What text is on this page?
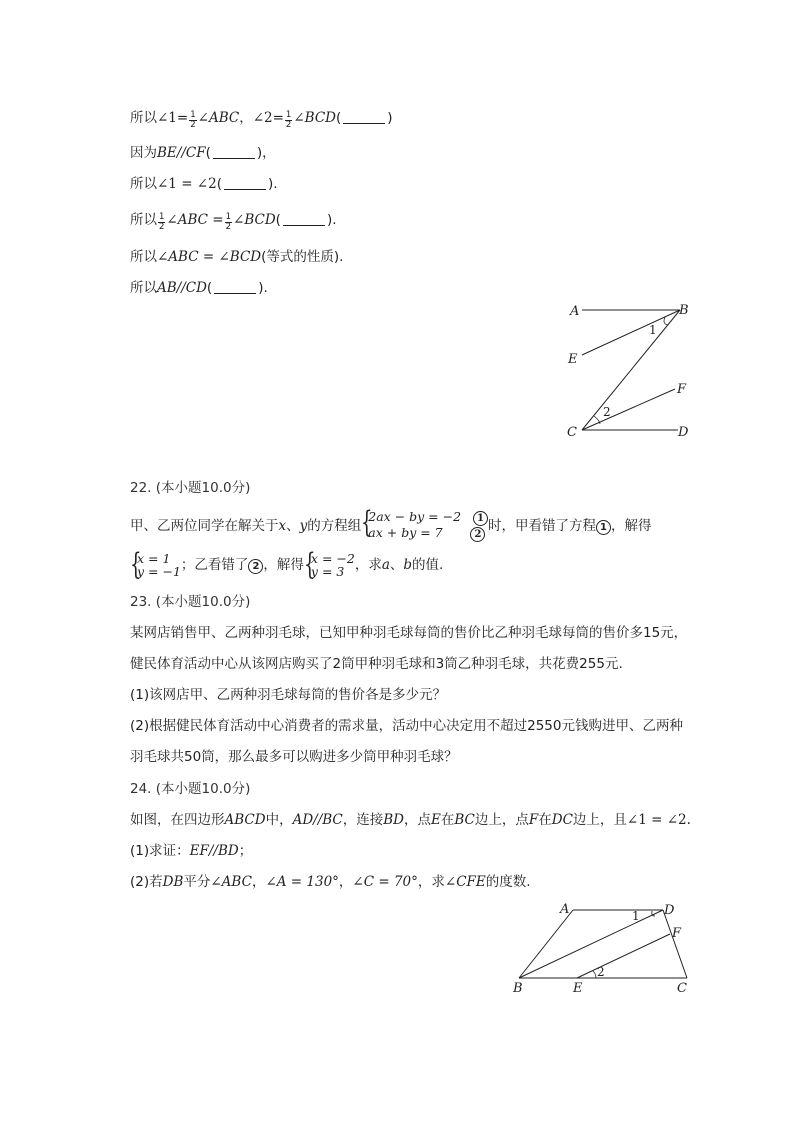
所以∠1= $\frac{1}{2}$ ∠ABC，∠2= $\frac{1}{2}$ ∠BCD(	)
因为BE//CF(	)，
所以∠1 = ∠2(	).
所以 $\frac{1}{2}$ ∠ABC = $\frac{1}{2}$ ∠BCD(	).
所以∠ABC = ∠BCD(等式的性质).
所以AB//CD(	).
A	B
E
F
C	D
1
2
22. (本小题10.0分)
甲、乙两位同学在解关于x、y的方程组 {
2ax − by = −2 1
ax + by = 7	2
时，甲看错了方程 1 ，解得
{
x = 1
y = −1 ；乙看错了 2 ，解得 {
x = −2
y = 3 ，求a、b的值.
23. (本小题10.0分)
某网店销售甲、乙两种羽毛球，已知甲种羽毛球每筒的售价比乙种羽毛球每筒的售价多15元，
健民体育活动中心从该网店购买了2筒甲种羽毛球和3筒乙种羽毛球，共花费255元.
(1)该网店甲、乙两种羽毛球每筒的售价各是多少元？
(2)根据健民体育活动中心消费者的需求量，活动中心决定用不超过2550元钱购进甲、乙两种
羽毛球共50筒，那么最多可以购进多少筒甲种羽毛球？
24. (本小题10.0分)
如图，在四边形ABCD中，AD//BC，连接BD，点E在BC边上，点F在DC边上，且∠1 = ∠2.
(1)求证：EF//BD；
(2)若DB平分∠ABC，∠A = 130°，∠C = 70°，求∠CFE的度数.
A	D
F
B	E	C
1
2
